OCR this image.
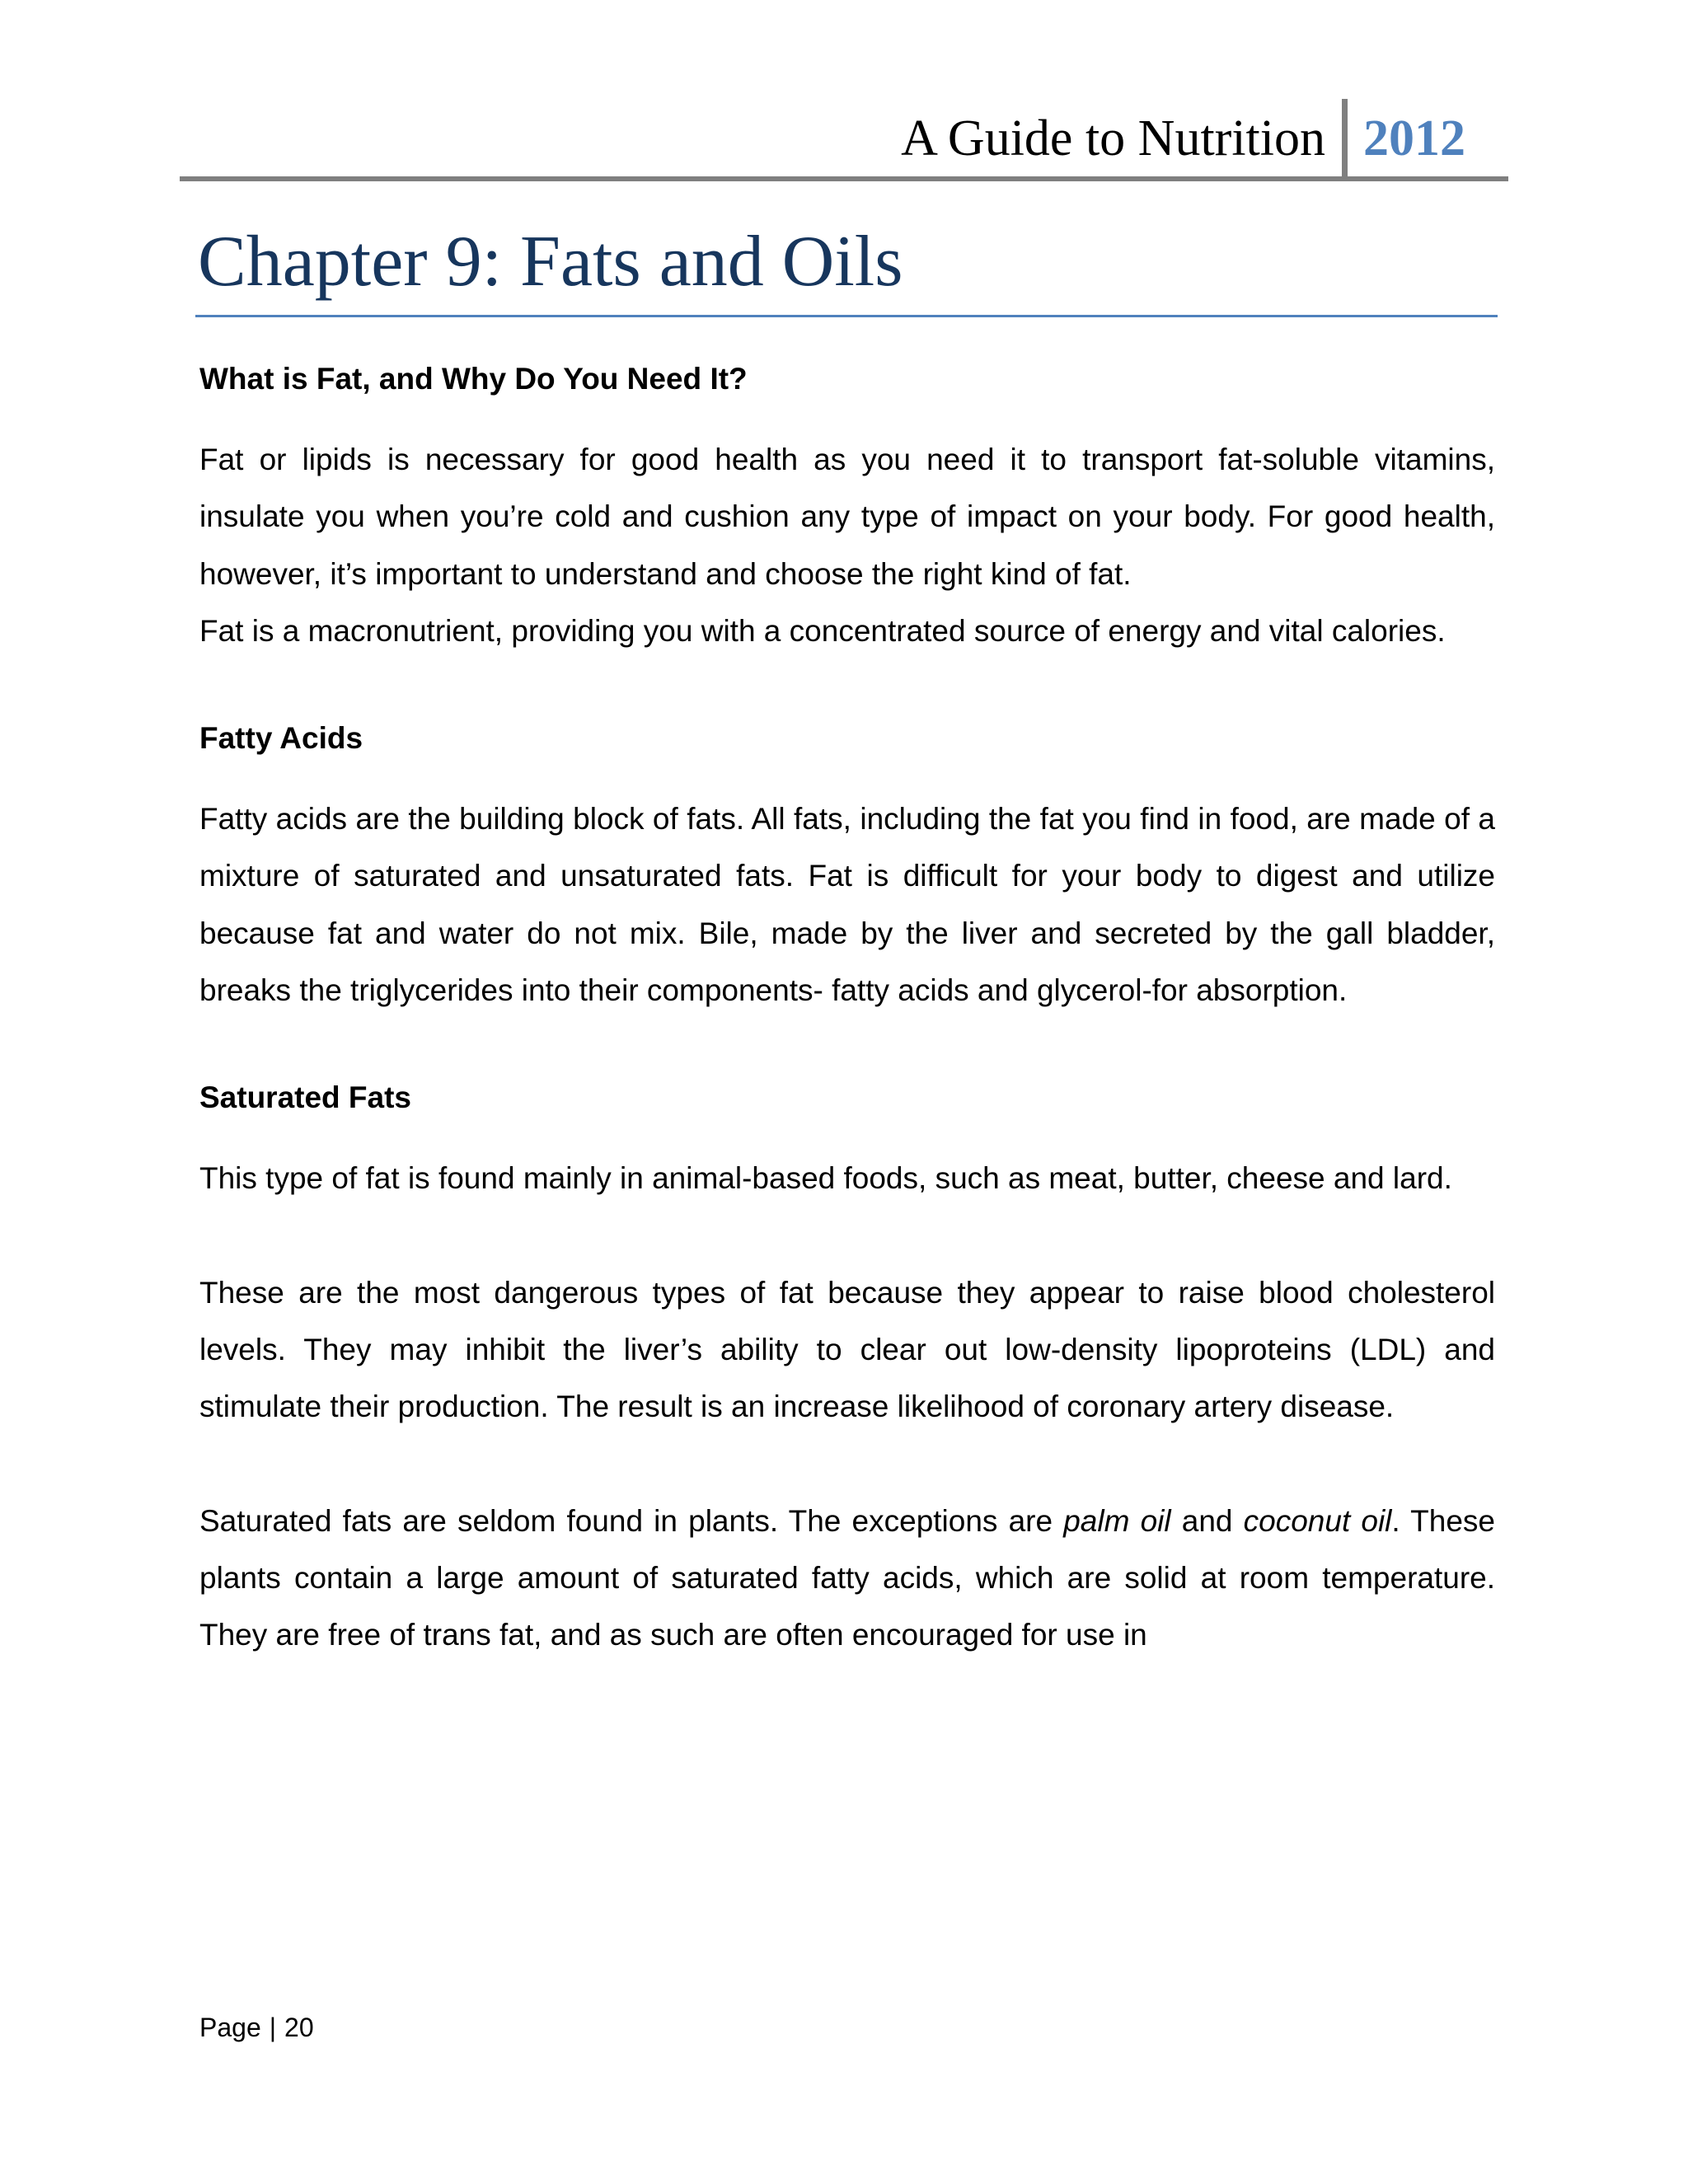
A Guide to Nutrition 2012
Chapter 9: Fats and Oils
What is Fat, and Why Do You Need It?

Fat or lipids is necessary for good health as you need it to transport fat-soluble vitamins, insulate you when you’re cold and cushion any type of impact on your body. For good health, however, it’s important to understand and choose the right kind of fat.

Fat is a macronutrient, providing you with a concentrated source of energy and vital calories.

Fatty Acids

Fatty acids are the building block of fats. All fats, including the fat you find in food, are made of a mixture of saturated and unsaturated fats. Fat is difficult for your body to digest and utilize because fat and water do not mix. Bile, made by the liver and secreted by the gall bladder, breaks the triglycerides into their components- fatty acids and glycerol-for absorption.

Saturated Fats

This type of fat is found mainly in animal-based foods, such as meat, butter, cheese and lard.

These are the most dangerous types of fat because they appear to raise blood cholesterol levels. They may inhibit the liver’s ability to clear out low-density lipoproteins (LDL) and stimulate their production. The result is an increase likelihood of coronary artery disease.

Saturated fats are seldom found in plants. The exceptions are palm oil and coconut oil. These plants contain a large amount of saturated fatty acids, which are solid at room temperature. They are free of trans fat, and as such are often encouraged for use in

Page | 20
